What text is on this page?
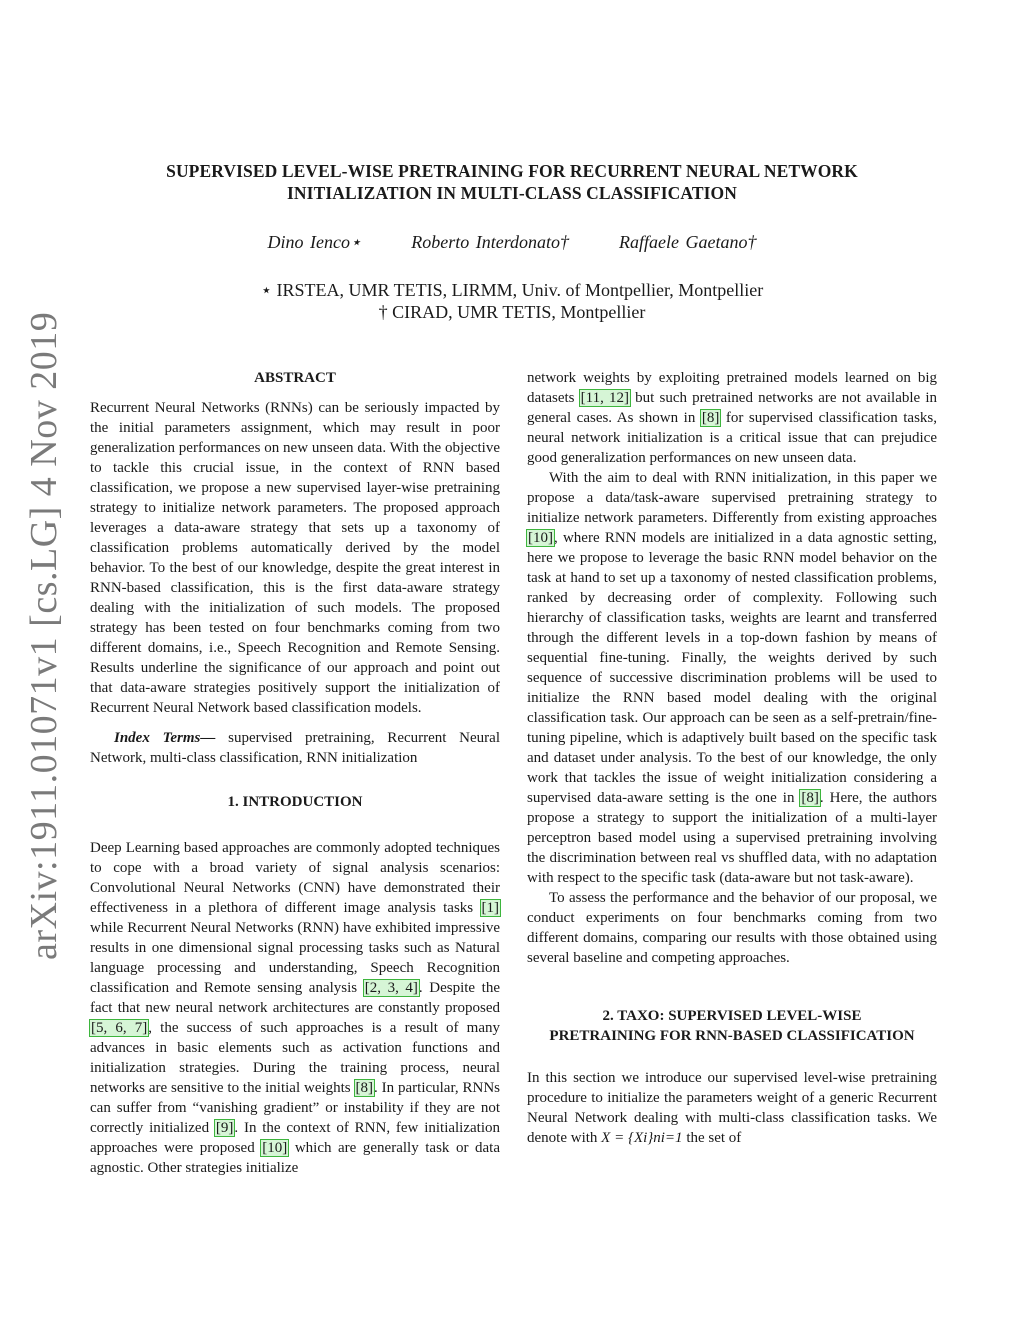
arXiv:1911.01071v1 [cs.LG] 4 Nov 2019
SUPERVISED LEVEL-WISE PRETRAINING FOR RECURRENT NEURAL NETWORK
INITIALIZATION IN MULTI-CLASS CLASSIFICATION
Dino Ienco⋆	Roberto Interdonato†	Raffaele Gaetano†
⋆ IRSTEA, UMR TETIS, LIRMM, Univ. of Montpellier, Montpellier
† CIRAD, UMR TETIS, Montpellier
ABSTRACT

Recurrent Neural Networks (RNNs) can be seriously impacted by the initial parameters assignment, which may result in poor generalization performances on new unseen data. With the objective to tackle this crucial issue, in the context of RNN based classification, we propose a new supervised layer-wise pretraining strategy to initialize network parameters. The proposed approach leverages a data-aware strategy that sets up a taxonomy of classification problems automatically derived by the model behavior. To the best of our knowledge, despite the great interest in RNN-based classification, this is the first data-aware strategy dealing with the initialization of such models. The proposed strategy has been tested on four benchmarks coming from two different domains, i.e., Speech Recognition and Remote Sensing. Results underline the significance of our approach and point out that data-aware strategies positively support the initialization of Recurrent Neural Network based classification models.

Index Terms— supervised pretraining, Recurrent Neural Network, multi-class classification, RNN initialization

1. INTRODUCTION

Deep Learning based approaches are commonly adopted techniques to cope with a broad variety of signal analysis scenarios: Convolutional Neural Networks (CNN) have demonstrated their effectiveness in a plethora of different image analysis tasks [1] while Recurrent Neural Networks (RNN) have exhibited impressive results in one dimensional signal processing tasks such as Natural language processing and understanding, Speech Recognition classification and Remote sensing analysis [2, 3, 4]. Despite the fact that new neural network architectures are constantly proposed [5, 6, 7], the success of such approaches is a result of many advances in basic elements such as activation functions and initialization strategies. During the training process, neural networks are sensitive to the initial weights [8]. In particular, RNNs can suffer from “vanishing gradient” or instability if they are not correctly initialized [9]. In the context of RNN, few initialization approaches were proposed [10] which are generally task or data agnostic. Other strategies initialize

network weights by exploiting pretrained models learned on big datasets [11, 12] but such pretrained networks are not available in general cases. As shown in [8] for supervised classification tasks, neural network initialization is a critical issue that can prejudice good generalization performances on new unseen data.

With the aim to deal with RNN initialization, in this paper we propose a data/task-aware supervised pretraining strategy to initialize network parameters. Differently from existing approaches [10], where RNN models are initialized in a data agnostic setting, here we propose to leverage the basic RNN model behavior on the task at hand to set up a taxonomy of nested classification problems, ranked by decreasing order of complexity. Following such hierarchy of classification tasks, weights are learnt and transferred through the different levels in a top-down fashion by means of sequential fine-tuning. Finally, the weights derived by such sequence of successive discrimination problems will be used to initialize the RNN based model dealing with the original classification task. Our approach can be seen as a self-pretrain/fine-tuning pipeline, which is adaptively built based on the specific task and dataset under analysis. To the best of our knowledge, the only work that tackles the issue of weight initialization considering a supervised data-aware setting is the one in [8]. Here, the authors propose a strategy to support the initialization of a multi-layer perceptron based model using a supervised pretraining involving the discrimination between real vs shuffled data, with no adaptation with respect to the specific task (data-aware but not task-aware).

To assess the performance and the behavior of our proposal, we conduct experiments on four benchmarks coming from two different domains, comparing our results with those obtained using several baseline and competing approaches.

2. TAXO: SUPERVISED LEVEL-WISE
PRETRAINING FOR RNN-BASED CLASSIFICATION

In this section we introduce our supervised level-wise pretraining procedure to initialize the parameters weight of a generic Recurrent Neural Network dealing with multi-class classification tasks. We denote with X = {Xi}ni=1 the set of
